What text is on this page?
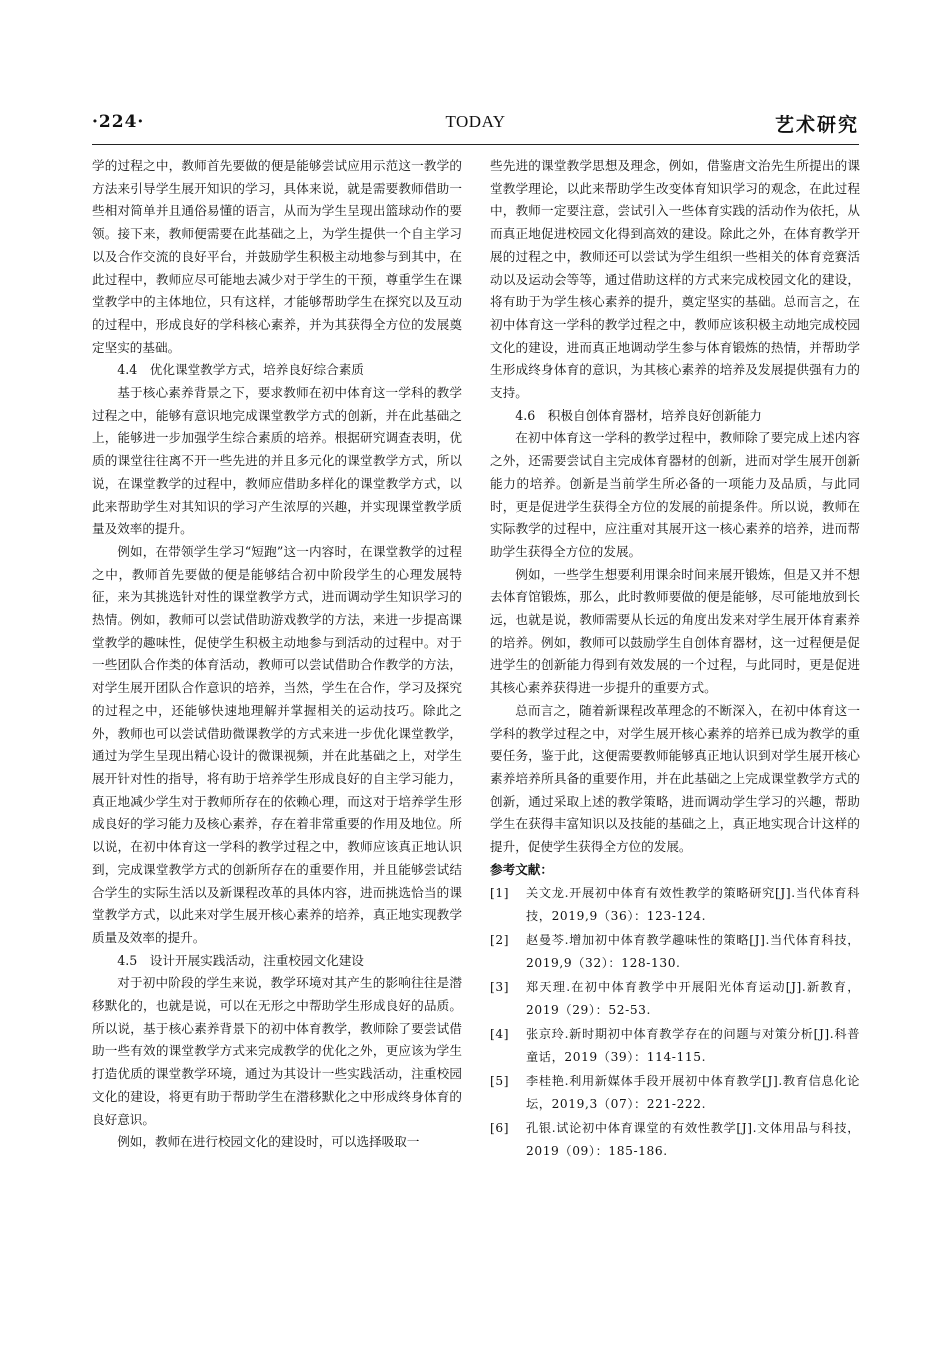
·224·	TODAY	艺术研究

学的过程之中，教师首先要做的便是能够尝试应用示范这一教学的方法来引导学生展开知识的学习，具体来说，就是需要教师借助一些相对简单并且通俗易懂的语言，从而为学生呈现出篮球动作的要领。接下来，教师便需要在此基础之上，为学生提供一个自主学习以及合作交流的良好平台，并鼓励学生积极主动地参与到其中，在此过程中，教师应尽可能地去减少对于学生的干预，尊重学生在课堂教学中的主体地位，只有这样，才能够帮助学生在探究以及互动的过程中，形成良好的学科核心素养，并为其获得全方位的发展奠定坚实的基础。

4.4　优化课堂教学方式，培养良好综合素质

基于核心素养背景之下，要求教师在初中体育这一学科的教学过程之中，能够有意识地完成课堂教学方式的创新，并在此基础之上，能够进一步加强学生综合素质的培养。根据研究调查表明，优质的课堂往往离不开一些先进的并且多元化的课堂教学方式，所以说，在课堂教学的过程中，教师应借助多样化的课堂教学方式，以此来帮助学生对其知识的学习产生浓厚的兴趣，并实现课堂教学质量及效率的提升。

例如，在带领学生学习“短跑”这一内容时，在课堂教学的过程之中，教师首先要做的便是能够结合初中阶段学生的心理发展特征，来为其挑选针对性的课堂教学方式，进而调动学生知识学习的热情。例如，教师可以尝试借助游戏教学的方法，来进一步提高课堂教学的趣味性，促使学生积极主动地参与到活动的过程中。对于一些团队合作类的体育活动，教师可以尝试借助合作教学的方法，对学生展开团队合作意识的培养，当然，学生在合作，学习及探究的过程之中，还能够快速地理解并掌握相关的运动技巧。除此之外，教师也可以尝试借助微课教学的方式来进一步优化课堂教学，通过为学生呈现出精心设计的微课视频，并在此基础之上，对学生展开针对性的指导，将有助于培养学生形成良好的自主学习能力，真正地减少学生对于教师所存在的依赖心理，而这对于培养学生形成良好的学习能力及核心素养，存在着非常重要的作用及地位。所以说，在初中体育这一学科的教学过程之中，教师应该真正地认识到，完成课堂教学方式的创新所存在的重要作用，并且能够尝试结合学生的实际生活以及新课程改革的具体内容，进而挑选恰当的课堂教学方式，以此来对学生展开核心素养的培养，真正地实现教学质量及效率的提升。

4.5　设计开展实践活动，注重校园文化建设

对于初中阶段的学生来说，教学环境对其产生的影响往往是潜移默化的，也就是说，可以在无形之中帮助学生形成良好的品质。所以说，基于核心素养背景下的初中体育教学，教师除了要尝试借助一些有效的课堂教学方式来完成教学的优化之外，更应该为学生打造优质的课堂教学环境，通过为其设计一些实践活动，注重校园文化的建设，将更有助于帮助学生在潜移默化之中形成终身体育的良好意识。

例如，教师在进行校园文化的建设时，可以选择吸取一

些先进的课堂教学思想及理念，例如，借鉴唐文治先生所提出的课堂教学理论，以此来帮助学生改变体育知识学习的观念，在此过程中，教师一定要注意，尝试引入一些体育实践的活动作为依托，从而真正地促进校园文化得到高效的建设。除此之外，在体育教学开展的过程之中，教师还可以尝试为学生组织一些相关的体育竞赛活动以及运动会等等，通过借助这样的方式来完成校园文化的建设，将有助于为学生核心素养的提升，奠定坚实的基础。总而言之，在初中体育这一学科的教学过程之中，教师应该积极主动地完成校园文化的建设，进而真正地调动学生参与体育锻炼的热情，并帮助学生形成终身体育的意识，为其核心素养的培养及发展提供强有力的支持。

4.6　积极自创体育器材，培养良好创新能力

在初中体育这一学科的教学过程中，教师除了要完成上述内容之外，还需要尝试自主完成体育器材的创新，进而对学生展开创新能力的培养。创新是当前学生所必备的一项能力及品质，与此同时，更是促进学生获得全方位的发展的前提条件。所以说，教师在实际教学的过程中，应注重对其展开这一核心素养的培养，进而帮助学生获得全方位的发展。

例如，一些学生想要利用课余时间来展开锻炼，但是又并不想去体育馆锻炼，那么，此时教师要做的便是能够，尽可能地放到长远，也就是说，教师需要从长远的角度出发来对学生展开体育素养的培养。例如，教师可以鼓励学生自创体育器材，这一过程便是促进学生的创新能力得到有效发展的一个过程，与此同时，更是促进其核心素养获得进一步提升的重要方式。

总而言之，随着新课程改革理念的不断深入，在初中体育这一学科的教学过程之中，对学生展开核心素养的培养已成为教学的重要任务，鉴于此，这便需要教师能够真正地认识到对学生展开核心素养培养所具备的重要作用，并在此基础之上完成课堂教学方式的创新，通过采取上述的教学策略，进而调动学生学习的兴趣，帮助学生在获得丰富知识以及技能的基础之上，真正地实现合计这样的提升，促使学生获得全方位的发展。

参考文献：

[1]	关文龙.开展初中体育有效性教学的策略研究[J].当代体育科技，2019,9（36）：123-124.
[2]	赵曼芩.增加初中体育教学趣味性的策略[J].当代体育科技，2019,9（32）：128-130.
[3]	郑天理.在初中体育教学中开展阳光体育运动[J].新教育，2019（29）：52-53.
[4]	张京玲.新时期初中体育教学存在的问题与对策分析[J].科普童话，2019（39）：114-115.
[5]	李桂艳.利用新媒体手段开展初中体育教学[J].教育信息化论坛，2019,3（07）：221-222.
[6]	孔银.试论初中体育课堂的有效性教学[J].文体用品与科技，2019（09）：185-186.
